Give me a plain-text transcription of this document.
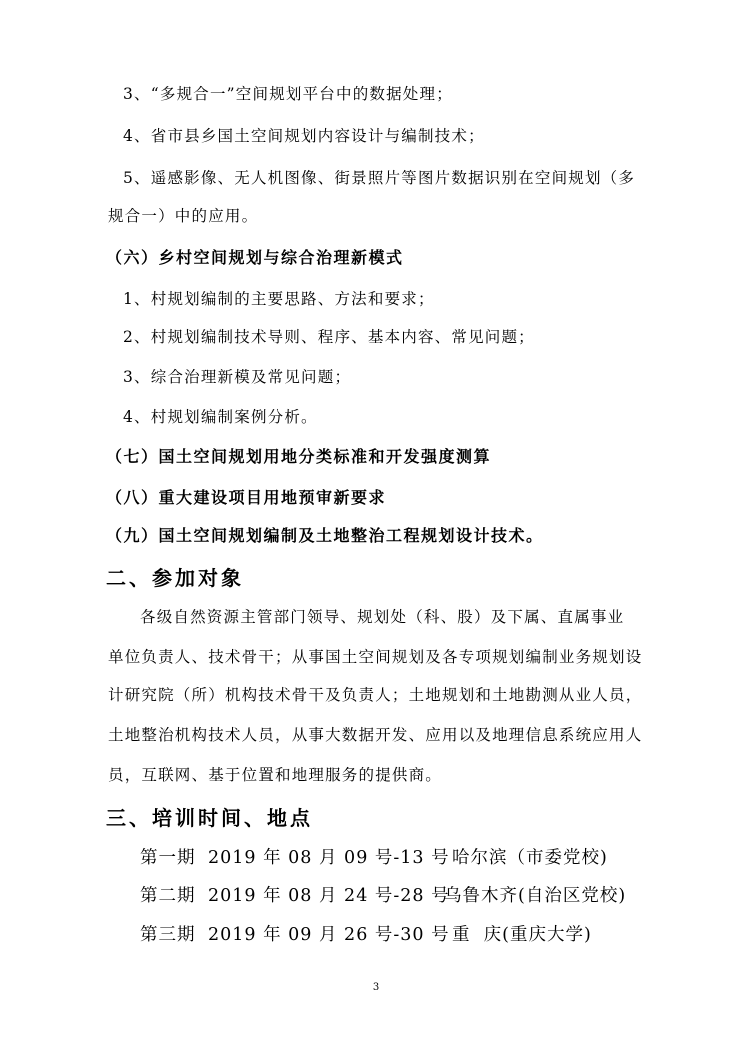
3、“多规合一”空间规划平台中的数据处理；
4、省市县乡国土空间规划内容设计与编制技术；
5、遥感影像、无人机图像、街景照片等图片数据识别在空间规划（多
规合一）中的应用。
（六）乡村空间规划与综合治理新模式
1、村规划编制的主要思路、方法和要求；
2、村规划编制技术导则、程序、基本内容、常见问题；
3、综合治理新模及常见问题；
4、村规划编制案例分析。
（七）国土空间规划用地分类标准和开发强度测算
（八）重大建设项目用地预审新要求
（九）国土空间规划编制及土地整治工程规划设计技术。
二、参加对象
各级自然资源主管部门领导、规划处（科、股）及下属、直属事业
单位负责人、技术骨干；从事国土空间规划及各专项规划编制业务规划设
计研究院（所）机构技术骨干及负责人；土地规划和土地勘测从业人员，
土地整治机构技术人员，从事大数据开发、应用以及地理信息系统应用人
员，互联网、基于位置和地理服务的提供商。
三、培训时间、地点
第一期 2019 年 08 月 09 号-13 号 哈尔滨（市委党校)
第二期 2019 年 08 月 24 号-28 号
乌鲁木齐(自治区党校)
第三期 2019 年 09 月 26 号-30 号 重  庆(重庆大学)
3
